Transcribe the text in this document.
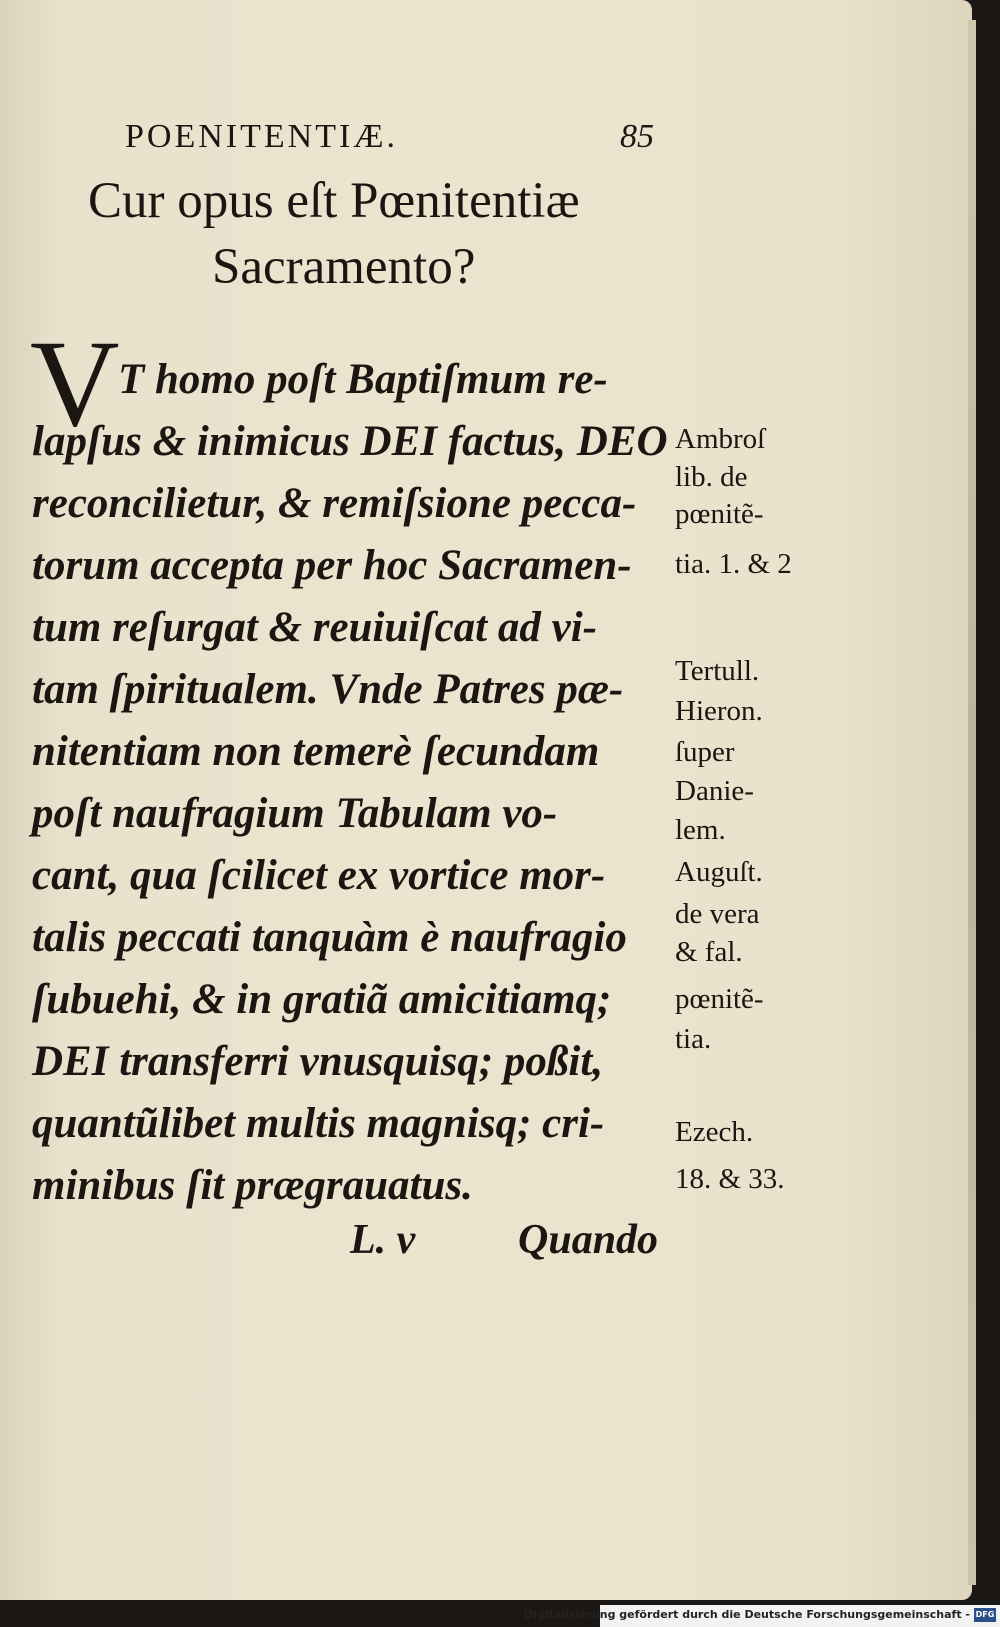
POENITENTIÆ.	85
Cur opus eſt Pœnitentiæ
Sacramento?
V
T homo poſt Baptiſmum re-
lapſus & inimicus DEI factus, DEO
reconcilietur, & remiſsione pecca-
torum accepta per hoc Sacramen-
tum reſurgat & reuiuiſcat ad vi-
tam ſpiritualem. Vnde Patres pæ-
nitentiam non temerè ſecundam
poſt naufragium Tabulam vo-
cant, qua ſcilicet ex vortice mor-
talis peccati tanquàm è naufragio
ſubuehi, & in gratiã amicitiamq;
DEI transferri vnusquisq; poßit,
quantũlibet multis magnisq; cri-
minibus ſit prægrauatus.
Ambroſ
lib. de
pœnitẽ-
tia. 1. & 2
Tertull.
Hieron.
ſuper
Danie-
lem.
Auguſt.
de vera
& fal.
pœnitẽ-
tia.
Ezech.
18. & 33.
L. v Quando
Digitalisierung gefördert durch die Deutsche Forschungsgemeinschaft - DFG
